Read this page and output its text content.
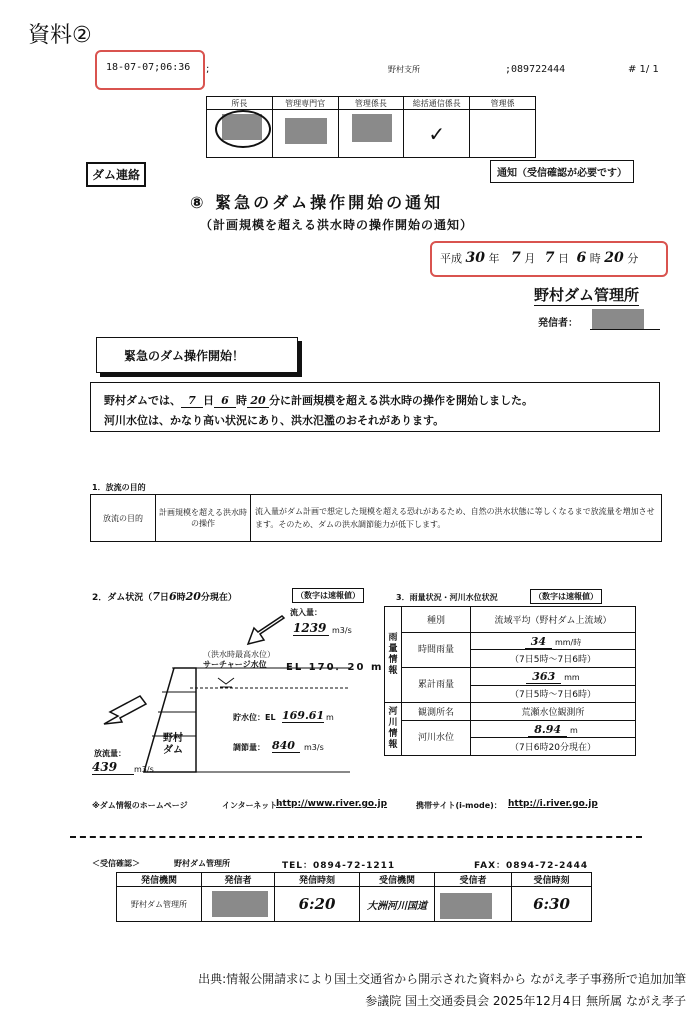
資料②
18-07-07;06:36 ;	野村支所	;089722444	# 1/ 1
所長	管理専門官	管理係長	総括通信係長	管理係
			✓	
ダム連絡	通知（受信確認が必要です）
⑧ 緊急のダム操作開始の通知
（計画規模を超える洪水時の操作開始の通知）
平成 30 年 7 月 7 日 6 時 20 分
野村ダム管理所
発信者：
緊急のダム操作開始！
野村ダムでは、 7 日 6 時 20 分に計画規模を超える洪水時の操作を開始しました。
河川水位は、かなり高い状況にあり、洪水氾濫のおそれがあります。
1．放流の目的
放流の目的	計画規模を超える洪水時の操作	流入量がダム計画で想定した規模を超える恐れがあるため、自然の洪水状態に等しくなるまで放流量を増加させます。そのため、ダムの洪水調節能力が低下します。
2．ダム状況（7日6時20分現在）	（数字は速報値）
流入量：
1239 m3/s
（洪水時最高水位）
サーチャージ水位 EL 170．20 m
野村ダム
貯水位：EL 169.61 m
調節量： 840	m3/s
放流量：
439	m3/s
3．雨量状況・河川水位状況	（数字は速報値）
雨量情報	種別	流域平均（野村ダム上流域）
	時間雨量	34 mm/時
		（7日5時～7日6時）
	累計雨量	363 mm
		（7日5時～7日6時）
河川情報	観測所名	荒瀬水位観測所
	河川水位	8.94 m
		（7日6時20分現在）
※ダム情報のホームページ	インターネット：
http://www.river.go.jp	携帯サイト(i-mode)： http://i.river.go.jp
＜受信確認＞	野村ダム管理所	TEL：0894-72-1211	FAX：0894-72-2444
発信機関	発信者	発信時刻	受信機関	受信者	受信時刻
野村ダム管理所		6:20	大洲河川国道		6:30
出典:情報公開請求により国土交通省から開示された資料から ながえ孝子事務所で追加加筆
参議院 国土交通委員会 2025年12月4日 無所属 ながえ孝子
